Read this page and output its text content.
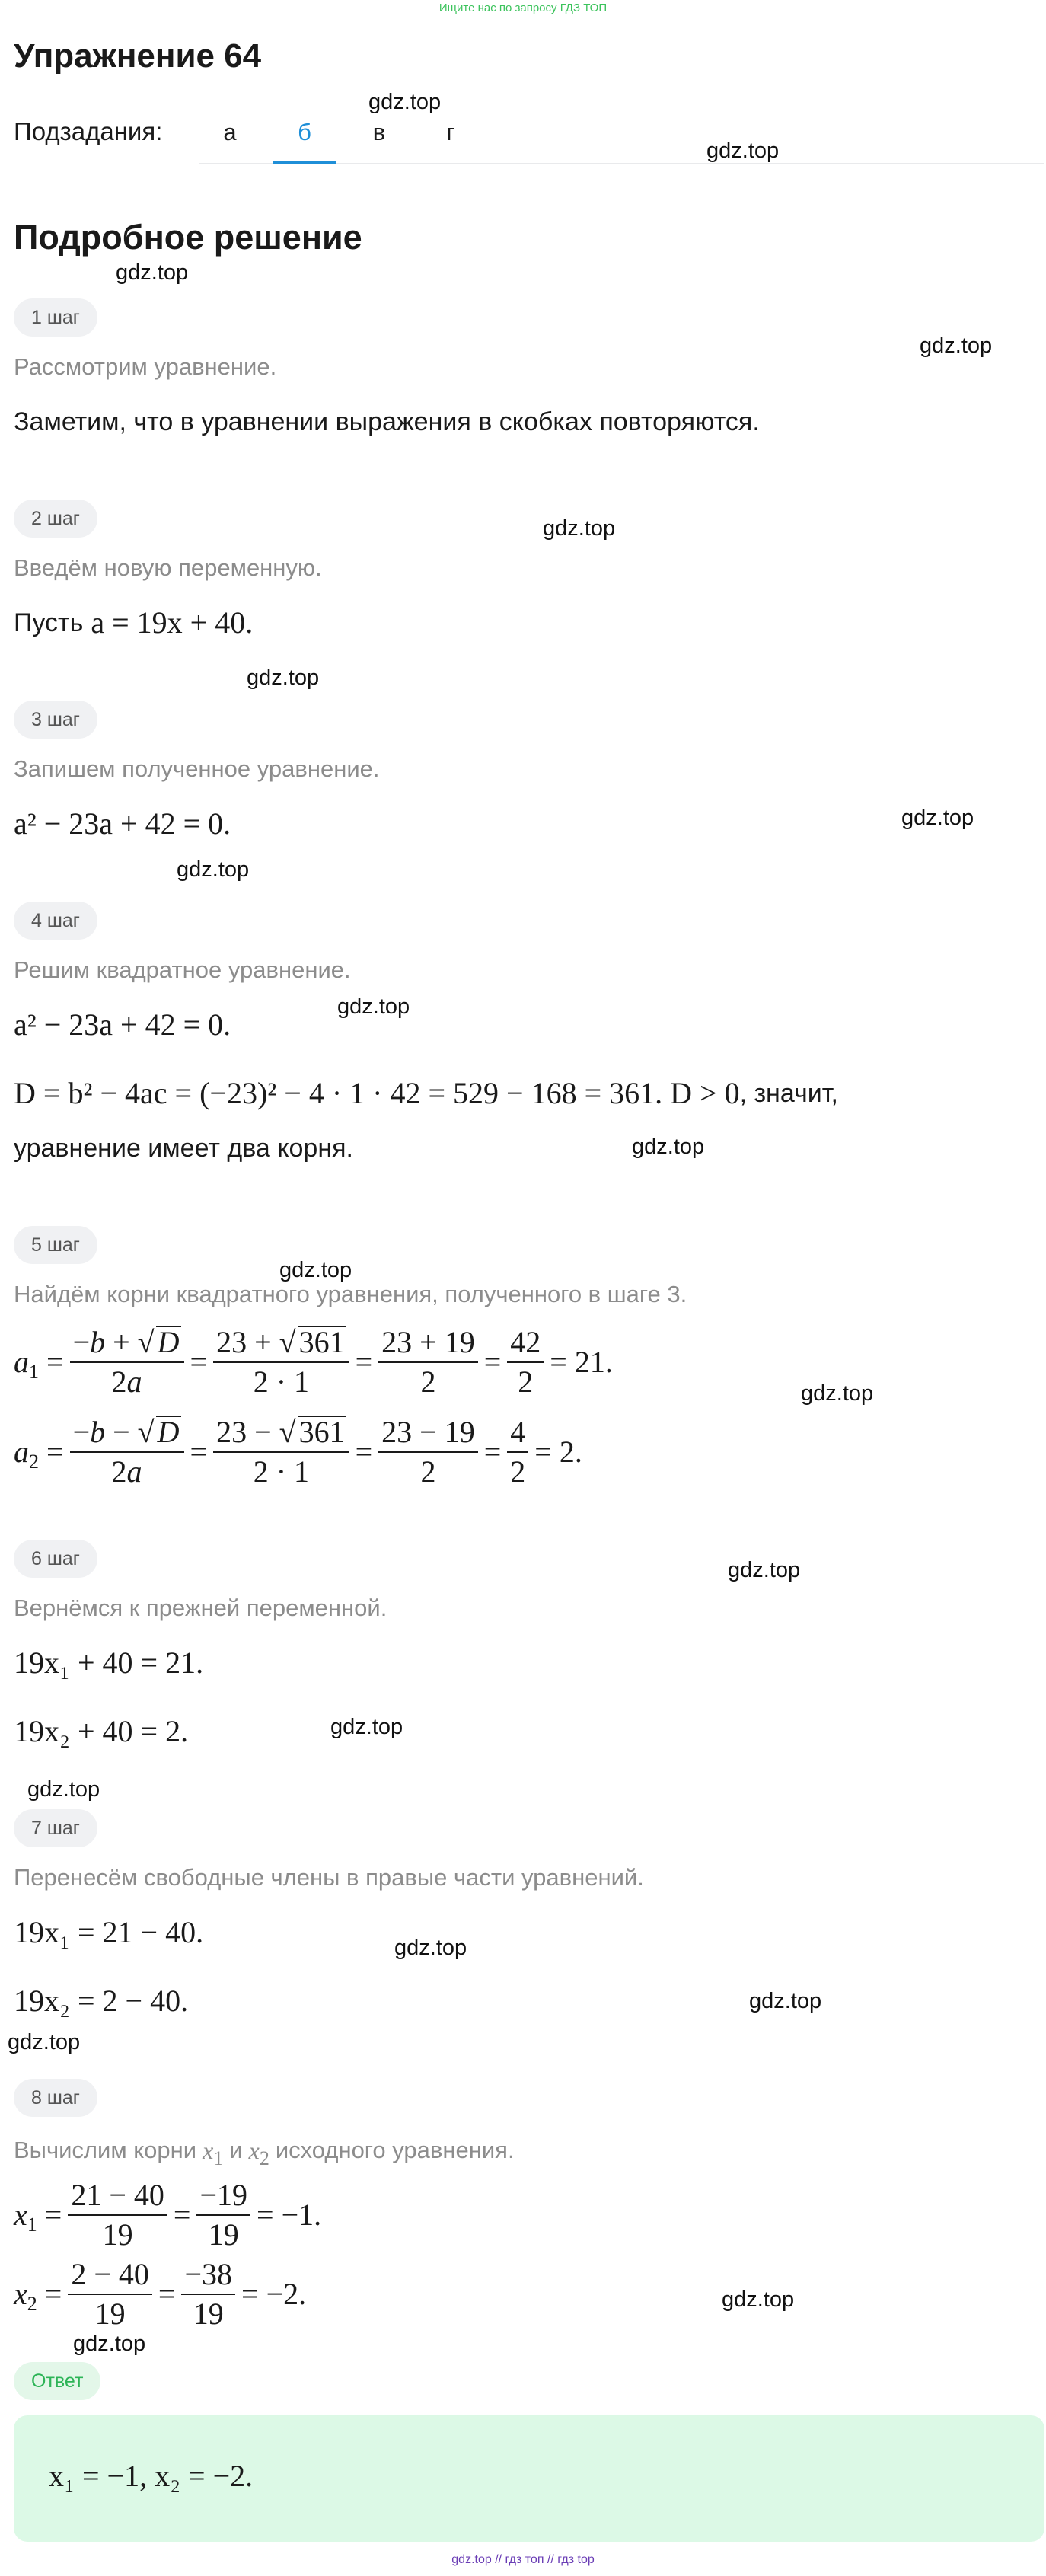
Ищите нас по запросу ГДЗ ТОП
Упражнение 64
Подзадания:	а	б	в	г
Подробное решение
gdz.top
gdz.top
gdz.top
gdz.top
gdz.top
gdz.top
gdz.top
gdz.top
gdz.top
gdz.top
gdz.top
gdz.top
gdz.top
gdz.top
gdz.top
gdz.top
gdz.top
gdz.top
gdz.top
gdz.top
1 шаг
Рассмотрим уравнение.
Заметим, что в уравнении выражения в скобках повторяются.
2 шаг
Введём новую переменную.
Пусть a = 19x + 40.
3 шаг
Запишем полученное уравнение.
a² − 23a + 42 = 0.
4 шаг
Решим квадратное уравнение.
a² − 23a + 42 = 0.
D = b² − 4ac = (−23)² − 4 · 1 · 42 = 529 − 168 = 361. D > 0 , значит,
уравнение имеет два корня.
5 шаг
Найдём корни квадратного уравнения, полученного в шаге 3.
$a_1 = \frac{-b + √ D}{2a} = \frac{23 + √ 361}{2 \cdot 1} = \frac{23 + 19}{2} = \frac{42}{2} = 21$.
$a_2 = \frac{-b - √ D}{2a} = \frac{23 - √ 361}{2 \cdot 1} = \frac{23 - 19}{2} = \frac{4}{2} = 2$.
6 шаг
Вернёмся к прежней переменной.
19x₁ + 40 = 21.
19x₂ + 40 = 2.
7 шаг
Перенесём свободные члены в правые части уравнений.
19x₁ = 21 − 40.
19x₂ = 2 − 40.
8 шаг
Вычислим корни $x_1$ и $x_2$ исходного уравнения.
$x_1 = \frac{21 - 40}{19} = \frac{-19}{19} = -1$.
$x_2 = \frac{2 - 40}{19} = \frac{-38}{19} = -2$.
Ответ
x₁ = −1, x₂ = −2.
gdz.top // гдз топ // гдз top
